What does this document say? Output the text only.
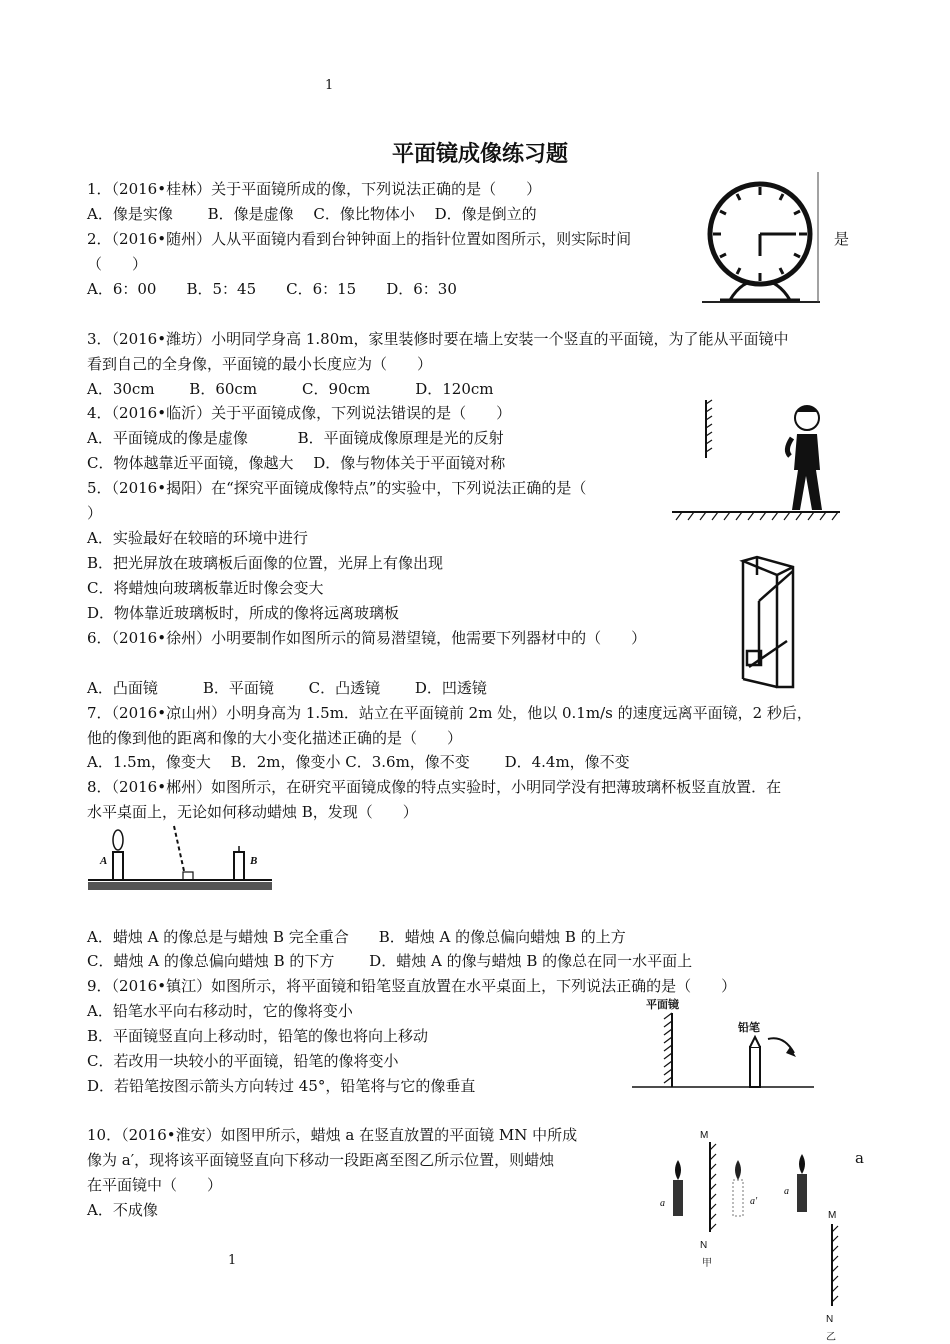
1
平面镜成像练习题
1．（2016•桂林）关于平面镜所成的像，下列说法正确的是（　　）
A．像是实像　　 B．像是虚像　 C．像比物体小　 D．像是倒立的
2．（2016•随州）人从平面镜内看到台钟钟面上的指针位置如图所示，则实际时间	是
（　　）
A．6：00　　B．5：45　　C．6：15　　D．6：30
3．（2016•潍坊）小明同学身高 1.80m，家里装修时要在墙上安装一个竖直的平面镜，为了能从平面镜中
看到自己的全身像，平面镜的最小长度应为（　　）
A．30cm　　 B．60cm　　　C．90cm　　　D．120cm
4．（2016•临沂）关于平面镜成像，下列说法错误的是（　　）
A．平面镜成的像是虚像　　　 B．平面镜成像原理是光的反射
C．物体越靠近平面镜，像越大　 D．像与物体关于平面镜对称
5．（2016•揭阳）在“探究平面镜成像特点”的实验中，下列说法正确的是（
）
A．实验最好在较暗的环境中进行
B．把光屏放在玻璃板后面像的位置，光屏上有像出现
C．将蜡烛向玻璃板靠近时像会变大
D．物体靠近玻璃板时，所成的像将远离玻璃板
6．（2016•徐州）小明要制作如图所示的简易潜望镜，他需要下列器材中的（　　）
A．凸面镜　　　B．平面镜　　 C．凸透镜　　 D．凹透镜
7．（2016•凉山州）小明身高为 1.5m．站立在平面镜前 2m 处，他以 0.1m/s 的速度远离平面镜，2 秒后，
他的像到他的距离和像的大小变化描述正确的是（　　）
A．1.5m，像变大　 B．2m，像变小 C．3.6m，像不变　　 D．4.4m，像不变
8．（2016•郴州）如图所示，在研究平面镜成像的特点实验时，小明同学没有把薄玻璃杯板竖直放置．在
水平桌面上，无论如何移动蜡烛 B，发现（　　）
A	B
A．蜡烛 A 的像总是与蜡烛 B 完全重合　　B．蜡烛 A 的像总偏向蜡烛 B 的上方
C．蜡烛 A 的像总偏向蜡烛 B 的下方　　 D．蜡烛 A 的像与蜡烛 B 的像总在同一水平面上
9．（2016•镇江）如图所示，将平面镜和铅笔竖直放置在水平桌面上，下列说法正确的是（　　）
A．铅笔水平向右移动时，它的像将变小
B．平面镜竖直向上移动时，铅笔的像也将向上移动
C．若改用一块较小的平面镜，铅笔的像将变小
D．若铅笔按图示箭头方向转过 45°，铅笔将与它的像垂直
平面镜
铅笔
10．（2016•淮安）如图甲所示，蜡烛 a 在竖直放置的平面镜 MN 中所成
像为 a′，现将该平面镜竖直向下移动一段距离至图乙所示位置，则蜡烛	a
在平面镜中（　　）
A．不成像
M
N
甲
a	a'
a
M
N
乙
1
